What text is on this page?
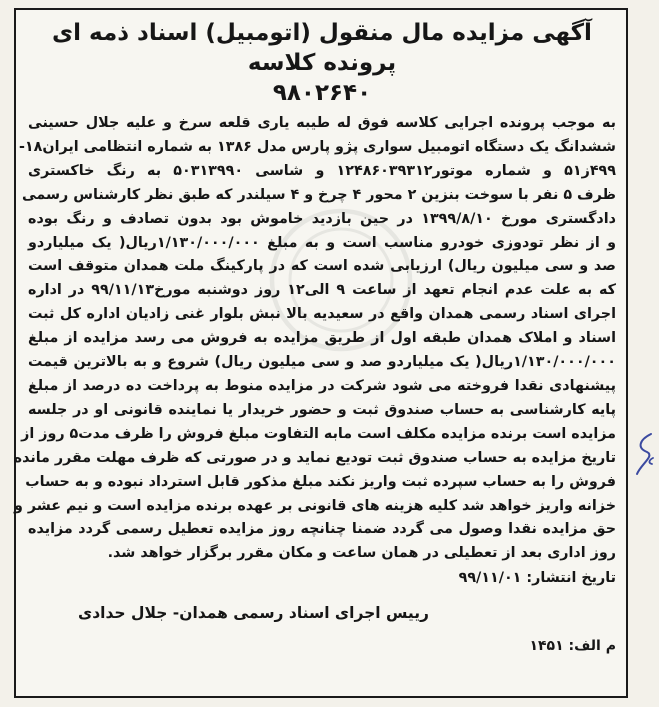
آگهی مزایده مال منقول (اتومبیل) اسناد ذمه ای پرونده کلاسه
۹۸۰۲۶۴۰
به موجب پرونده اجرایی کلاسه فوق له طیبه یاری قلعه سرخ و علیه جلال حسینی
ششدانگ یک دستگاه اتومبیل سواری پژو پارس مدل ۱۳۸۶ به شماره انتظامی ایران۱۸-
۴۹۹ز۵۱ و شماره موتور۱۲۴۸۶۰۳۹۳۱۲ و شاسی ۵۰۳۱۳۹۹۰ به رنگ خاکستری
ظرف ۵ نفر با سوخت بنزین ۲ محور ۴ چرخ و ۴ سیلندر که طبق نظر کارشناس رسمی
دادگستری مورخ ۱۳۹۹/۸/۱۰ در حین بازدید خاموش بود بدون تصادف و رنگ بوده
و از نظر تودوزی خودرو مناسب است و به مبلغ ۱/۱۳۰/۰۰۰/۰۰۰ریال( یک میلیاردو
صد و سی میلیون ریال) ارزیابی شده است که در پارکینگ ملت همدان متوقف است
که به علت عدم انجام تعهد از ساعت ۹ الی۱۲ روز دوشنبه مورخ۹۹/۱۱/۱۳ در اداره
اجرای اسناد رسمی همدان واقع در سعیدیه بالا نبش بلوار غنی زادیان اداره کل ثبت
اسناد و املاک همدان طبقه اول از طریق مزایده به فروش می رسد مزایده از مبلغ
۱/۱۳۰/۰۰۰/۰۰۰ریال( یک میلیاردو صد و سی میلیون ریال) شروع و به بالاترین قیمت
پیشنهادی نقدا فروخته می شود شرکت در مزایده منوط به پرداخت ده درصد از مبلغ
پایه کارشناسی به حساب صندوق ثبت و حضور خریدار یا نماینده قانونی او در جلسه
مزایده است برنده مزایده مکلف است مابه التفاوت مبلغ فروش را ظرف مدت۵ روز از
تاریخ مزایده به حساب صندوق ثبت تودیع نماید و در صورتی که ظرف مهلت مقرر مانده
فروش را به حساب سپرده ثبت واریز نکند مبلغ مذکور قابل استرداد نبوده و به حساب
خزانه واریز خواهد شد کلیه هزینه های قانونی بر عهده برنده مزایده است و نیم عشر و
حق مزایده نقدا وصول می گردد ضمنا چنانچه روز مزایده تعطیل رسمی گردد مزایده
روز اداری بعد از تعطیلی در همان ساعت و مکان مقرر برگزار خواهد شد.
تاریخ انتشار: ۹۹/۱۱/۰۱
رییس اجرای اسناد رسمی همدان- جلال حدادی
م الف: ۱۴۵۱
